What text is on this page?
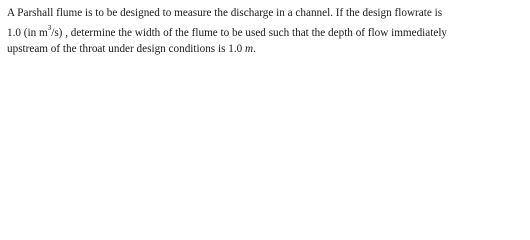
A Parshall flume is to be designed to measure the discharge in a channel. If the design flowrate is
1.0 (in $m^3/s$) , determine the width of the flume to be used such that the depth of flow immediately
upstream of the throat under design conditions is 1.0 m.
